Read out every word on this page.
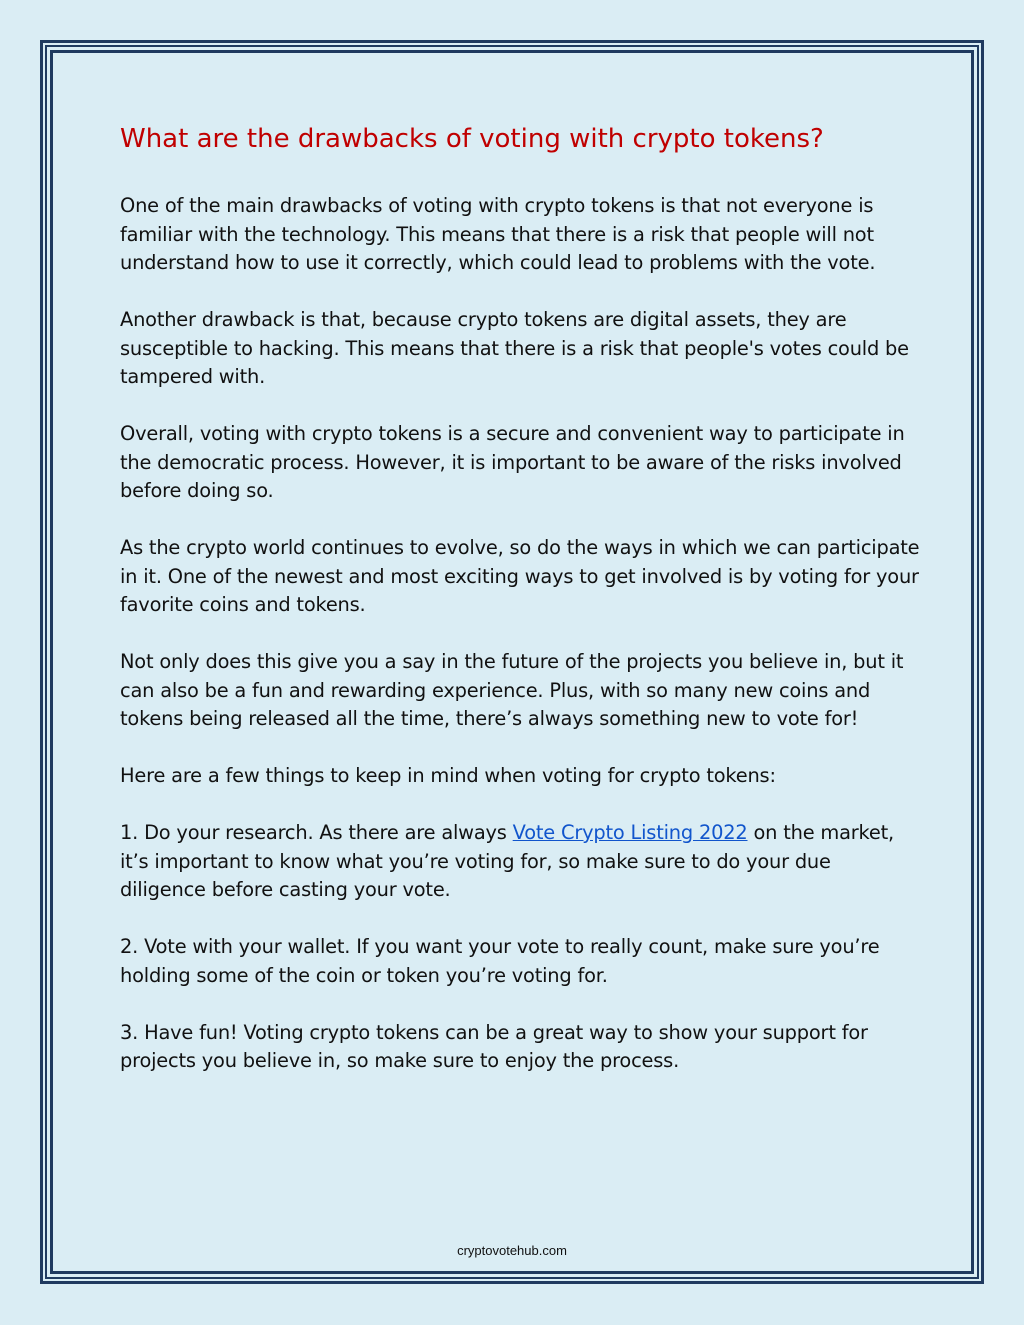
What are the drawbacks of voting with crypto tokens?

One of the main drawbacks of voting with crypto tokens is that not everyone is familiar with the technology. This means that there is a risk that people will not understand how to use it correctly, which could lead to problems with the vote.

Another drawback is that, because crypto tokens are digital assets, they are susceptible to hacking. This means that there is a risk that people's votes could be tampered with.

Overall, voting with crypto tokens is a secure and convenient way to participate in the democratic process. However, it is important to be aware of the risks involved before doing so.

As the crypto world continues to evolve, so do the ways in which we can participate in it. One of the newest and most exciting ways to get involved is by voting for your favorite coins and tokens.

Not only does this give you a say in the future of the projects you believe in, but it can also be a fun and rewarding experience. Plus, with so many new coins and tokens being released all the time, there’s always something new to vote for!

Here are a few things to keep in mind when voting for crypto tokens:

1. Do your research. As there are always Vote Crypto Listing 2022 on the market, it’s important to know what you’re voting for, so make sure to do your due diligence before casting your vote.

2. Vote with your wallet. If you want your vote to really count, make sure you’re holding some of the coin or token you’re voting for.

3. Have fun! Voting crypto tokens can be a great way to show your support for projects you believe in, so make sure to enjoy the process.

cryptovotehub.com
